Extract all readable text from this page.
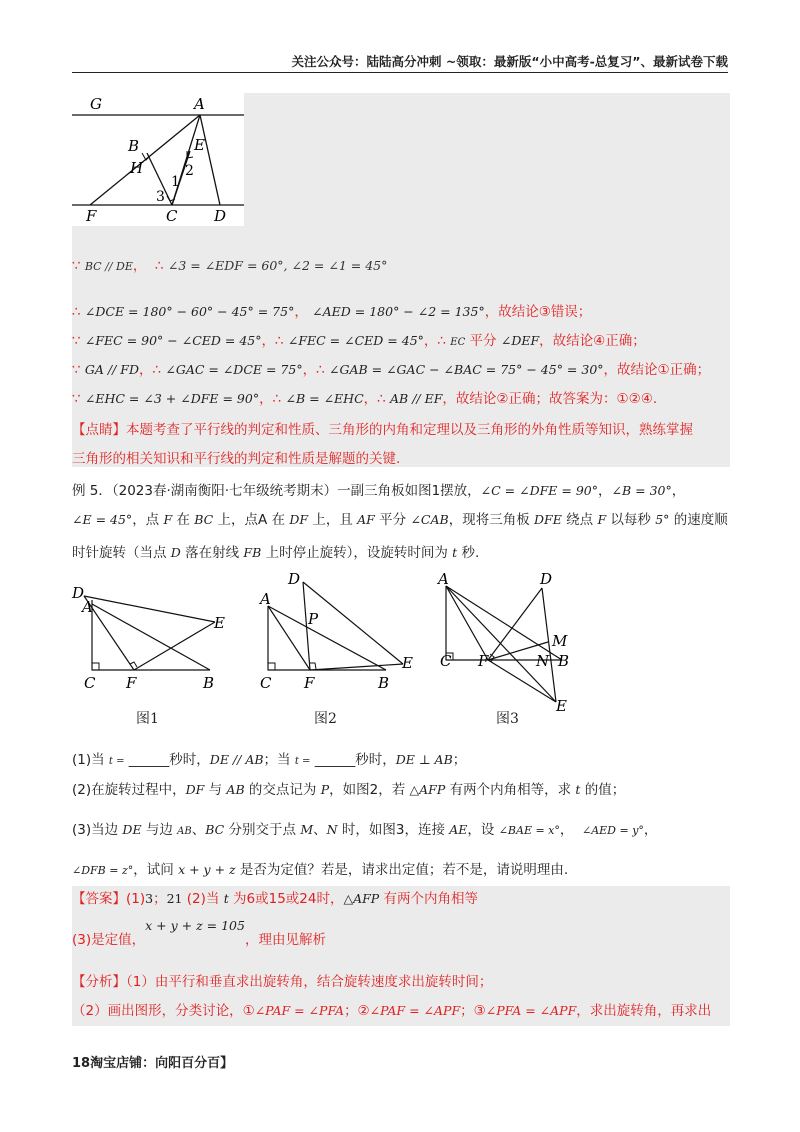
关注公众号：陆陆高分冲刺 ~领取：最新版“小中高考-总复习”、最新试卷下载
G	A
B	E
H	2
1
3
F	C D
∵ BC // DE， ∴ ∠3 = ∠EDF = 60°, ∠2 = ∠1 = 45°
∴ ∠DCE = 180° − 60° − 45° = 75°， ∠AED = 180° − ∠2 = 135°，故结论③错误；
∵ ∠FEC = 90° − ∠CED = 45°，∴ ∠FEC = ∠CED = 45°，∴ EC 平分 ∠DEF，故结论④正确；
∵ GA // FD，∴ ∠GAC = ∠DCE = 75°，∴ ∠GAB = ∠GAC − ∠BAC = 75° − 45° = 30°，故结论①正确；
∵ ∠EHC = ∠3 + ∠DFE = 90°，∴ ∠B = ∠EHC，∴ AB // EF，故结论②正确；故答案为：①②④.
【点睛】本题考查了平行线的判定和性质、三角形的内角和定理以及三角形的外角性质等知识，熟练掌握
三角形的相关知识和平行线的判定和性质是解题的关键.
例 5．（2023春·湖南衡阳·七年级统考期末）一副三角板如图1摆放，∠C = ∠DFE = 90°，∠B = 30°，
∠E = 45°，点 F 在 BC 上，点A 在 DF 上，且 AF 平分 ∠CAB，现将三角板 DFE 绕点 F 以每秒 5° 的速度顺
时针旋转（当点 D 落在射线 FB 上时停止旋转），设旋转时间为 t 秒.
D
A
E
C F	B
图1
D
A
P
E
C F	B
图2
A	D
M
C F	N B
E
图3
(1)当 t = ______秒时，DE // AB；当 t = ______秒时，DE ⊥ AB；
(2)在旋转过程中，DF 与 AB 的交点记为 P，如图2，若 △AFP 有两个内角相等，求 t 的值；
(3)当边 DE 与边 AB、BC 分别交于点 M、N 时，如图3，连接 AE，设 ∠BAE = x°， ∠AED = y°，
∠DFB = z°，试问 x + y + z 是否为定值？若是，请求出定值；若不是，请说明理由.
【答案】(1)3；21 (2)当 t 为6或15或24时，△AFP 有两个内角相等
(3)是定值，x + y + z = 105，理由见解析
【分析】（1）由平行和垂直求出旋转角，结合旋转速度求出旋转时间；
（2）画出图形，分类讨论，①∠PAF = ∠PFA；②∠PAF = ∠APF；③∠PFA = ∠APF，求出旋转角，再求出
18淘宝店铺：向阳百分百】
